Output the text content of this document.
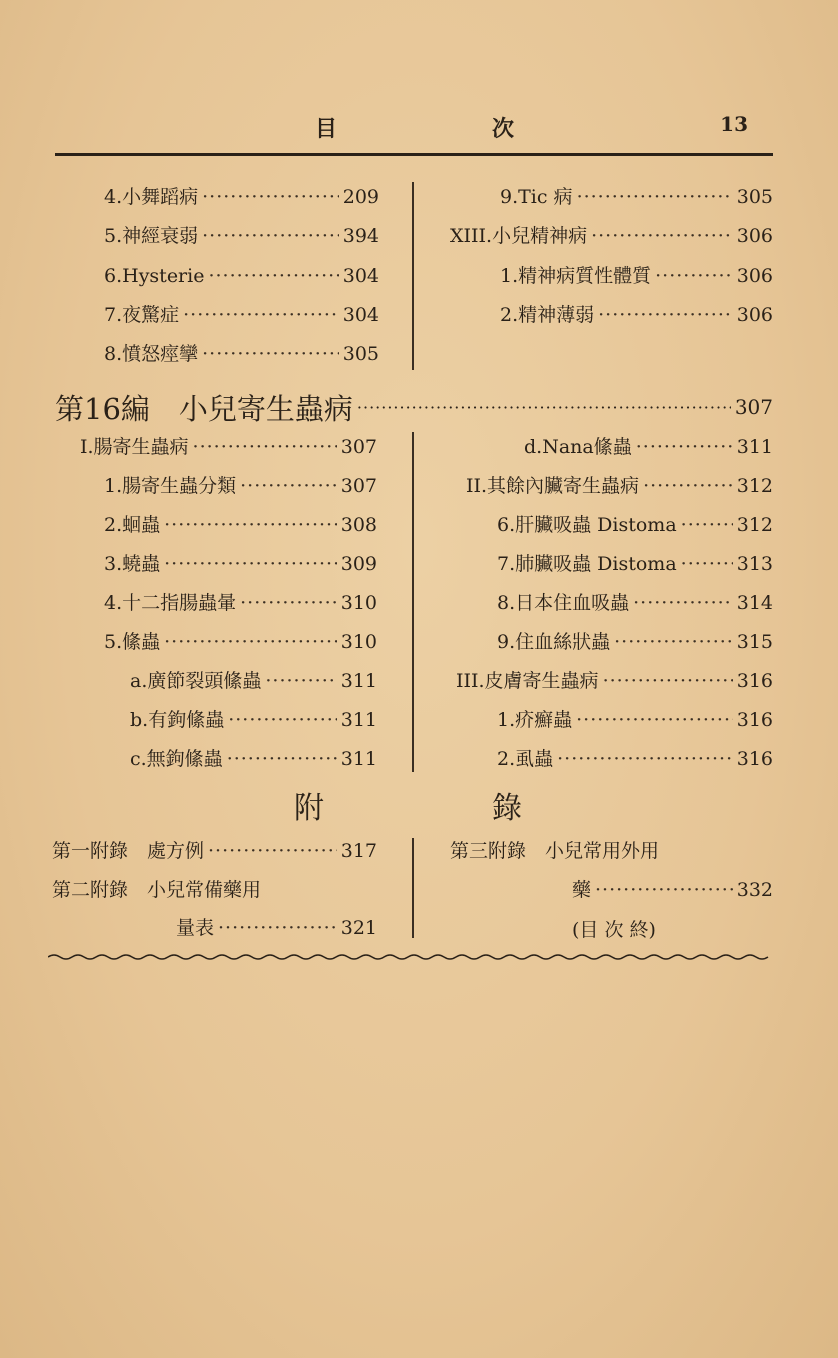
目	次	13
4.小舞蹈病 ·····	209
5.神經衰弱 ·····	394
6.Hysterie ·····	304
7.夜驚症 ·····	304
8.憤怒痙攣 ·····	305
9.Tic 病 ·····	305
XIII.小兒精神病 ·····	306
1.精神病質性體質 ·····	306
2.精神薄弱 ·····	306
第16編　小兒寄生蟲病 ·····	307
I.腸寄生蟲病 ·····	307
1.腸寄生蟲分類 ·····	307
2.蛔蟲 ·····	308
3.蟯蟲 ·····	309
4.十二指腸蟲暈 ·····	310
5.絛蟲 ·····	310
a.廣節裂頭絛蟲 ·····	311
b.有鉤絛蟲 ·····	311
c.無鉤絛蟲 ·····	311
d.Nana絛蟲 ·····	311
II.其餘內臟寄生蟲病 ·····	312
6.肝臟吸蟲 Distoma ·····	312
7.肺臟吸蟲 Distoma ·····	313
8.日本住血吸蟲 ·····	314
9.住血絲狀蟲 ·····	315
III.皮膚寄生蟲病 ·····	316
1.疥癬蟲 ·····	316
2.虱蟲 ·····	316
附	錄
第一附錄　處方例 ·····	317
第二附錄　小兒常備藥用
量表 ·····	321
第三附錄　小兒常用外用
藥 ·····	332
(目 次 終)
